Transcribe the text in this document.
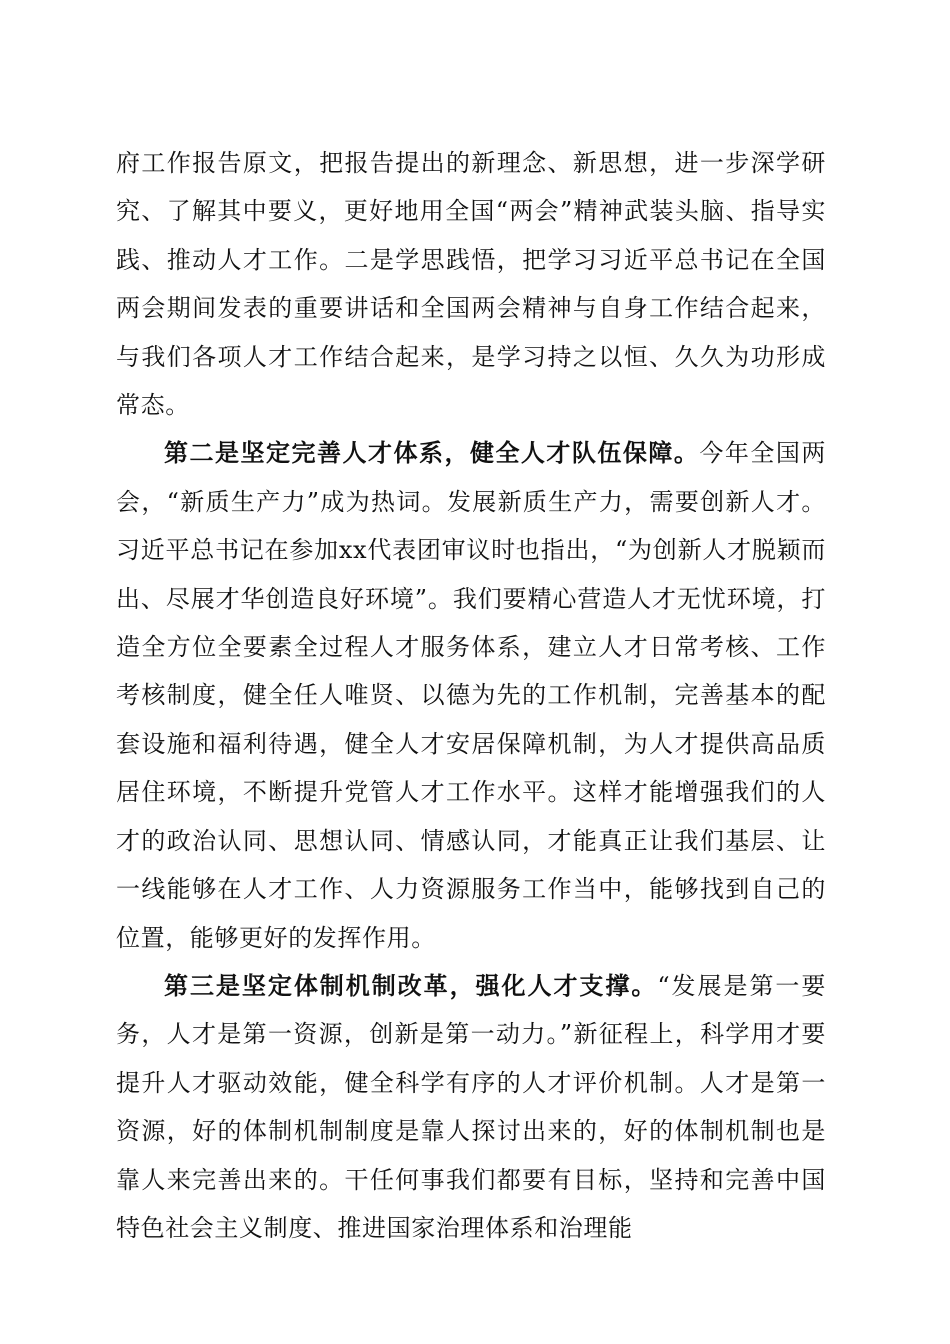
府工作报告原文，把报告提出的新理念、新思想，进一步深学研究、了解其中要义，更好地用全国“两会”精神武装头脑、指导实践、推动人才工作。二是学思践悟，把学习习近平总书记在全国两会期间发表的重要讲话和全国两会精神与自身工作结合起来，与我们各项人才工作结合起来，是学习持之以恒、久久为功形成常态。

第二是坚定完善人才体系，健全人才队伍保障。今年全国两会，“新质生产力”成为热词。发展新质生产力，需要创新人才。习近平总书记在参加xx代表团审议时也指出，“为创新人才脱颖而出、尽展才华创造良好环境”。我们要精心营造人才无忧环境，打造全方位全要素全过程人才服务体系，建立人才日常考核、工作考核制度，健全任人唯贤、以德为先的工作机制，完善基本的配套设施和福利待遇，健全人才安居保障机制，为人才提供高品质居住环境，不断提升党管人才工作水平。这样才能增强我们的人才的政治认同、思想认同、情感认同，才能真正让我们基层、让一线能够在人才工作、人力资源服务工作当中，能够找到自己的位置，能够更好的发挥作用。

第三是坚定体制机制改革，强化人才支撑。“发展是第一要务，人才是第一资源，创新是第一动力。”新征程上，科学用才要提升人才驱动效能，健全科学有序的人才评价机制。人才是第一资源，好的体制机制制度是靠人探讨出来的，好的体制机制也是靠人来完善出来的。干任何事我们都要有目标，坚持和完善中国特色社会主义制度、推进国家治理体系和治理能
